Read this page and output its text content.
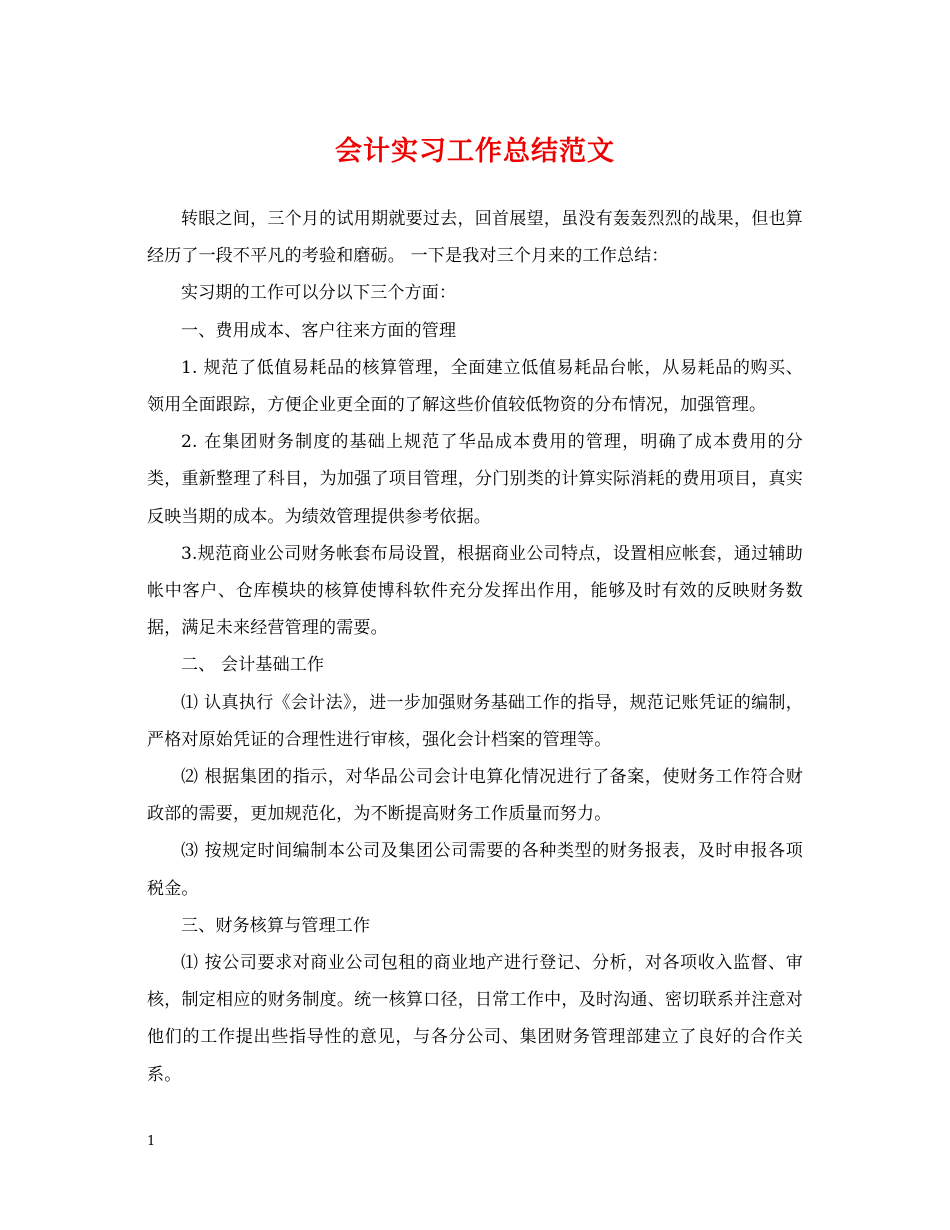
会计实习工作总结范文

转眼之间，三个月的试用期就要过去，回首展望，虽没有轰轰烈烈的战果，但也算经历了一段不平凡的考验和磨砺。 一下是我对三个月来的工作总结：

实习期的工作可以分以下三个方面：

一、费用成本、客户往来方面的管理

1. 规范了低值易耗品的核算管理，全面建立低值易耗品台帐，从易耗品的购买、领用全面跟踪，方便企业更全面的了解这些价值较低物资的分布情况，加强管理。

2. 在集团财务制度的基础上规范了华品成本费用的管理，明确了成本费用的分类，重新整理了科目，为加强了项目管理，分门别类的计算实际消耗的费用项目，真实反映当期的成本。为绩效管理提供参考依据。

3.规范商业公司财务帐套布局设置，根据商业公司特点，设置相应帐套，通过辅助帐中客户、仓库模块的核算使博科软件充分发挥出作用，能够及时有效的反映财务数据，满足未来经营管理的需要。

二、 会计基础工作

⑴ 认真执行《会计法》，进一步加强财务基础工作的指导，规范记账凭证的编制，严格对原始凭证的合理性进行审核，强化会计档案的管理等。

⑵ 根据集团的指示，对华品公司会计电算化情况进行了备案，使财务工作符合财政部的需要，更加规范化，为不断提高财务工作质量而努力。

⑶ 按规定时间编制本公司及集团公司需要的各种类型的财务报表，及时申报各项税金。

三、财务核算与管理工作

⑴ 按公司要求对商业公司包租的商业地产进行登记、分析，对各项收入监督、审核，制定相应的财务制度。统一核算口径，日常工作中，及时沟通、密切联系并注意对他们的工作提出些指导性的意见，与各分公司、集团财务管理部建立了良好的合作关系。

1
